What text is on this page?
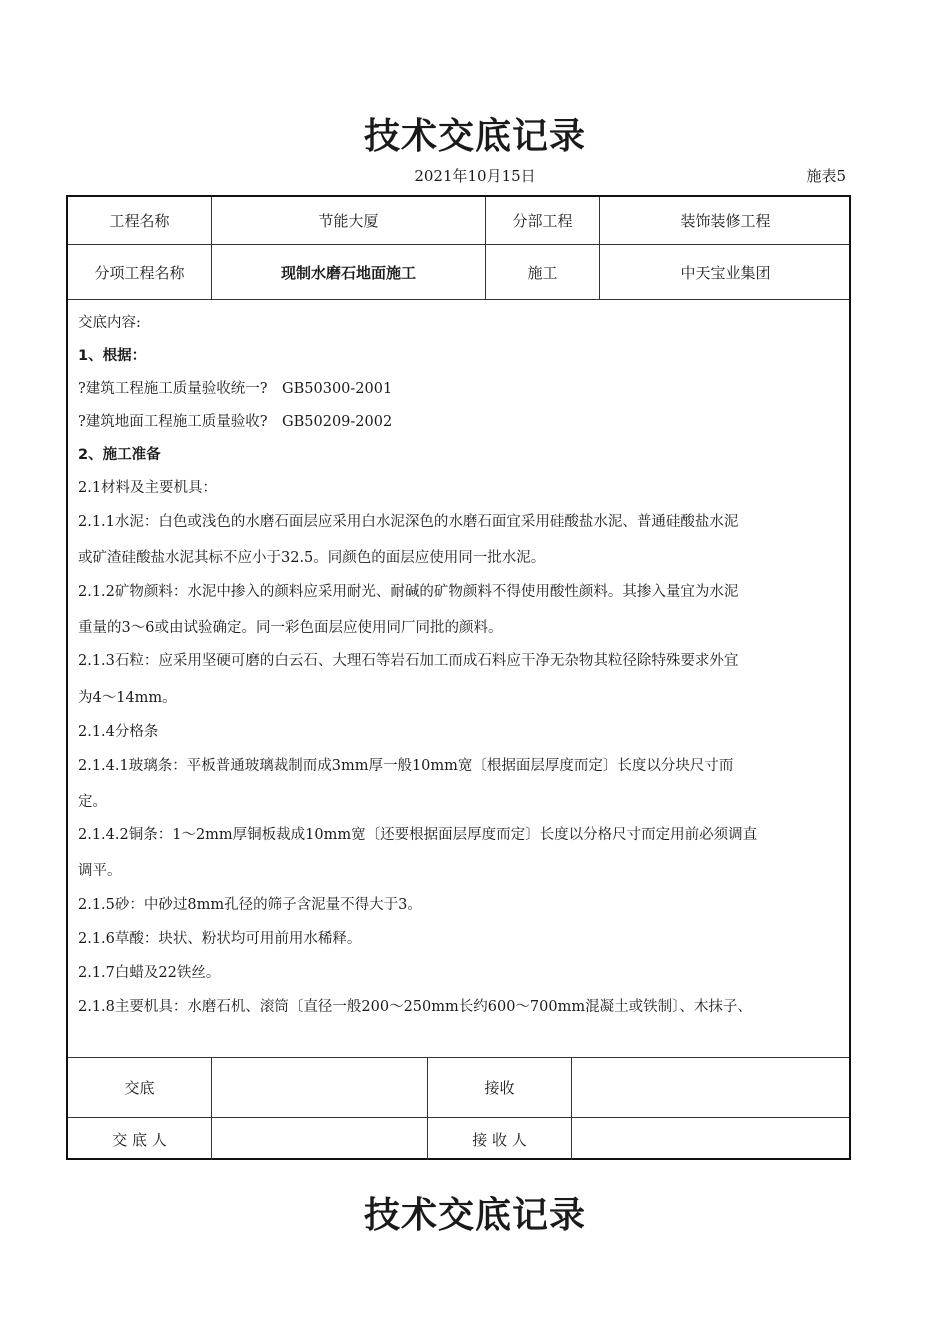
技术交底记录
2021年10月15日	施表5
工程名称	节能大厦	分部工程	装饰装修工程
分项工程名称	现制水磨石地面施工	施工	中天宝业集团
交底内容:
1、根据：
?建筑工程施工质量验收统一?　GB50300-2001
?建筑地面工程施工质量验收?　GB50209-2002
2、施工准备
2.1材料及主要机具：
2.1.1水泥：白色或浅色的水磨石面层应采用白水泥深色的水磨石面宜采用硅酸盐水泥、普通硅酸盐水泥
或矿渣硅酸盐水泥其标不应小于32.5。同颜色的面层应使用同一批水泥。
2.1.2矿物颜料：水泥中掺入的颜料应采用耐光、耐碱的矿物颜料不得使用酸性颜料。其掺入量宜为水泥
重量的3～6或由试验确定。同一彩色面层应使用同厂同批的颜料。
2.1.3石粒：应采用坚硬可磨的白云石、大理石等岩石加工而成石料应干净无杂物其粒径除特殊要求外宜
为4～14mm。
2.1.4分格条
2.1.4.1玻璃条：平板普通玻璃裁制而成3mm厚一般10mm宽〔根据面层厚度而定〕长度以分块尺寸而
定。
2.1.4.2铜条：1～2mm厚铜板裁成10mm宽〔还要根据面层厚度而定〕长度以分格尺寸而定用前必须调直
调平。
2.1.5砂：中砂过8mm孔径的筛子含泥量不得大于3。
2.1.6草酸：块状、粉状均可用前用水稀释。
2.1.7白蜡及22铁丝。
2.1.8主要机具：水磨石机、滚筒〔直径一般200～250mm长约600～700mm混凝土或铁制〕、木抹子、
交底	接收
交 底 人	接 收 人
技术交底记录
